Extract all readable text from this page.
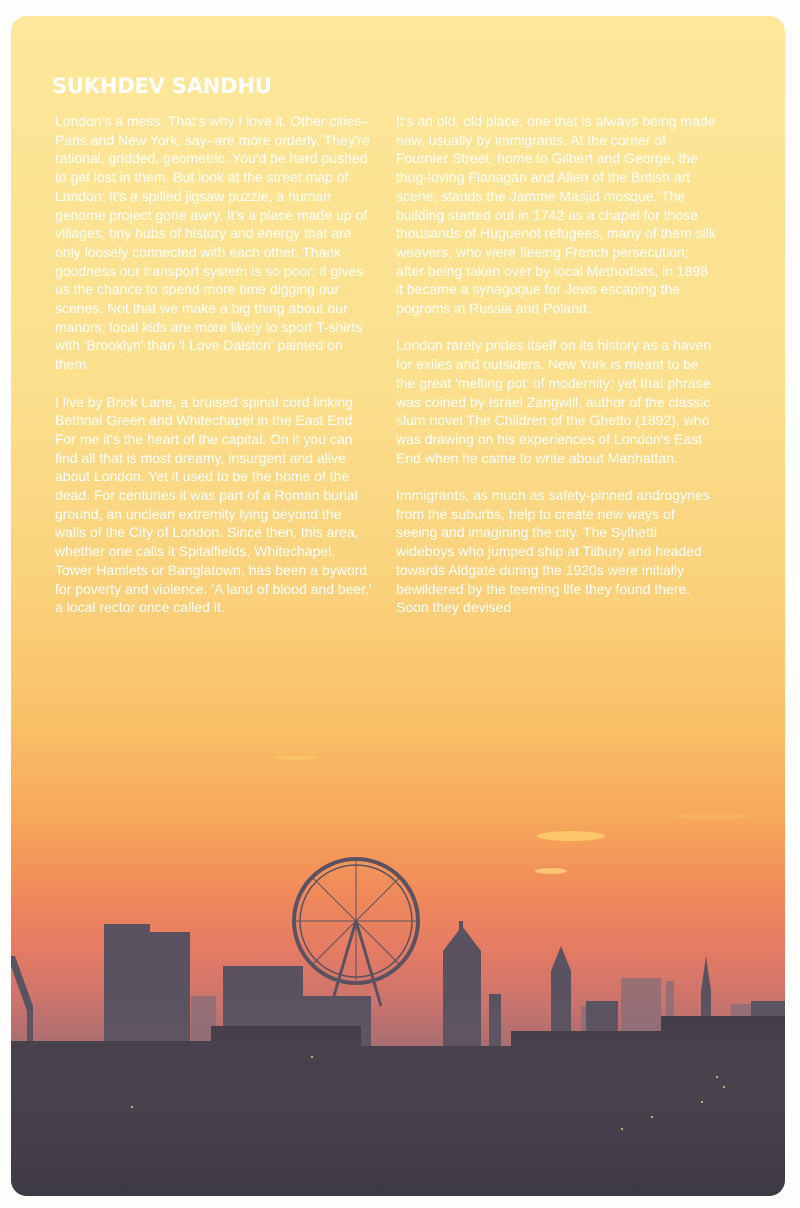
SUKHDEV SANDHU

London's a mess. That's why I love it. Other cities–Paris and New York, say–are more orderly. They're rational, gridded, geometric. You'd be hard pushed to get lost in them. But look at the street map of London: it's a spilled jigsaw puzzle, a human genome project gone awry. It's a place made up of villages, tiny hubs of history and energy that are only loosely connected with each other. Thank goodness our transport system is so poor; it gives us the chance to spend more time digging our scenes. Not that we make a big thing about our manors; local kids are more likely to sport T-shirts with 'Brooklyn' than 'I Love Dalston' painted on them.

I live by Brick Lane, a bruised spinal cord linking Bethnal Green and Whitechapel in the East End. For me it's the heart of the capital. On it you can find all that is most dreamy, insurgent and alive about London. Yet it used to be the home of the dead. For centuries it was part of a Roman burial ground, an unclean extremity lying beyond the walls of the City of London. Since then, this area, whether one calls it Spitalfields, Whitechapel, Tower Hamlets or Banglatown, has been a byword for poverty and violence. 'A land of blood and beer,' a local rector once called it.

It's an old, old place, one that is always being made new, usually by immigrants. At the corner of Fournier Street, home to Gilbert and George, the thug-loving Flanagan and Allen of the British art scene, stands the Jamme Masjid mosque. The building started out in 1742 as a chapel for those thousands of Huguenot refugees, many of them silk weavers, who were fleeing French persecution; after being taken over by local Methodists, in 1898 it became a synagogue for Jews escaping the pogroms in Russia and Poland.

London rarely prides itself on its history as a haven for exiles and outsiders. New York is meant to be the great 'melting pot' of modernity; yet that phrase was coined by Israel Zangwill, author of the classic slum novel The Children of the Ghetto (1892), who was drawing on his experiences of London's East End when he came to write about Manhattan.

Immigrants, as much as safety-pinned androgynes from the suburbs, help to create new ways of seeing and imagining the city. The Sylhetti wideboys who jumped ship at Tilbury and headed towards Aldgate during the 1920s were initially bewildered by the teeming life they found there. Soon they devised
